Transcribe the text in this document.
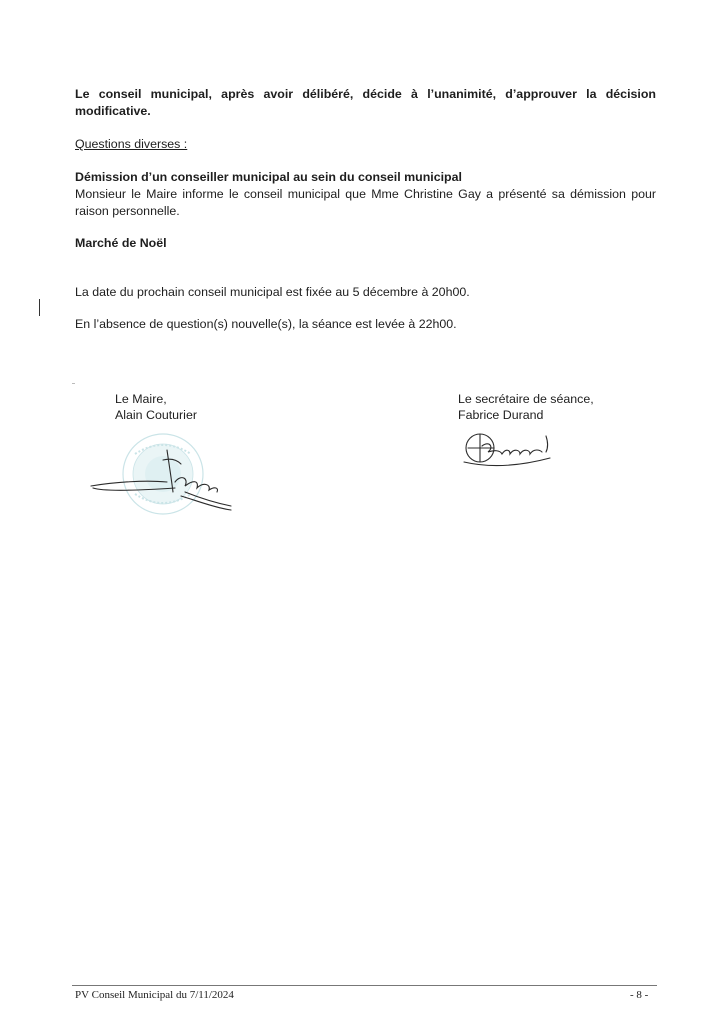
Le conseil municipal, après avoir délibéré, décide à l’unanimité, d’approuver la décision modificative.

Questions diverses :
Démission d’un conseiller municipal au sein du conseil municipal

Monsieur le Maire informe le conseil municipal que Mme Christine Gay a présenté sa démission pour raison personnelle.

Marché de Noël
La date du prochain conseil municipal est fixée au 5 décembre à 20h00.
En l’absence de question(s) nouvelle(s), la séance est levée à 22h00.
Le Maire,
Alain Couturier
Le secrétaire de séance,
Fabrice Durand
PV Conseil Municipal du 7/11/2024	- 8 -
